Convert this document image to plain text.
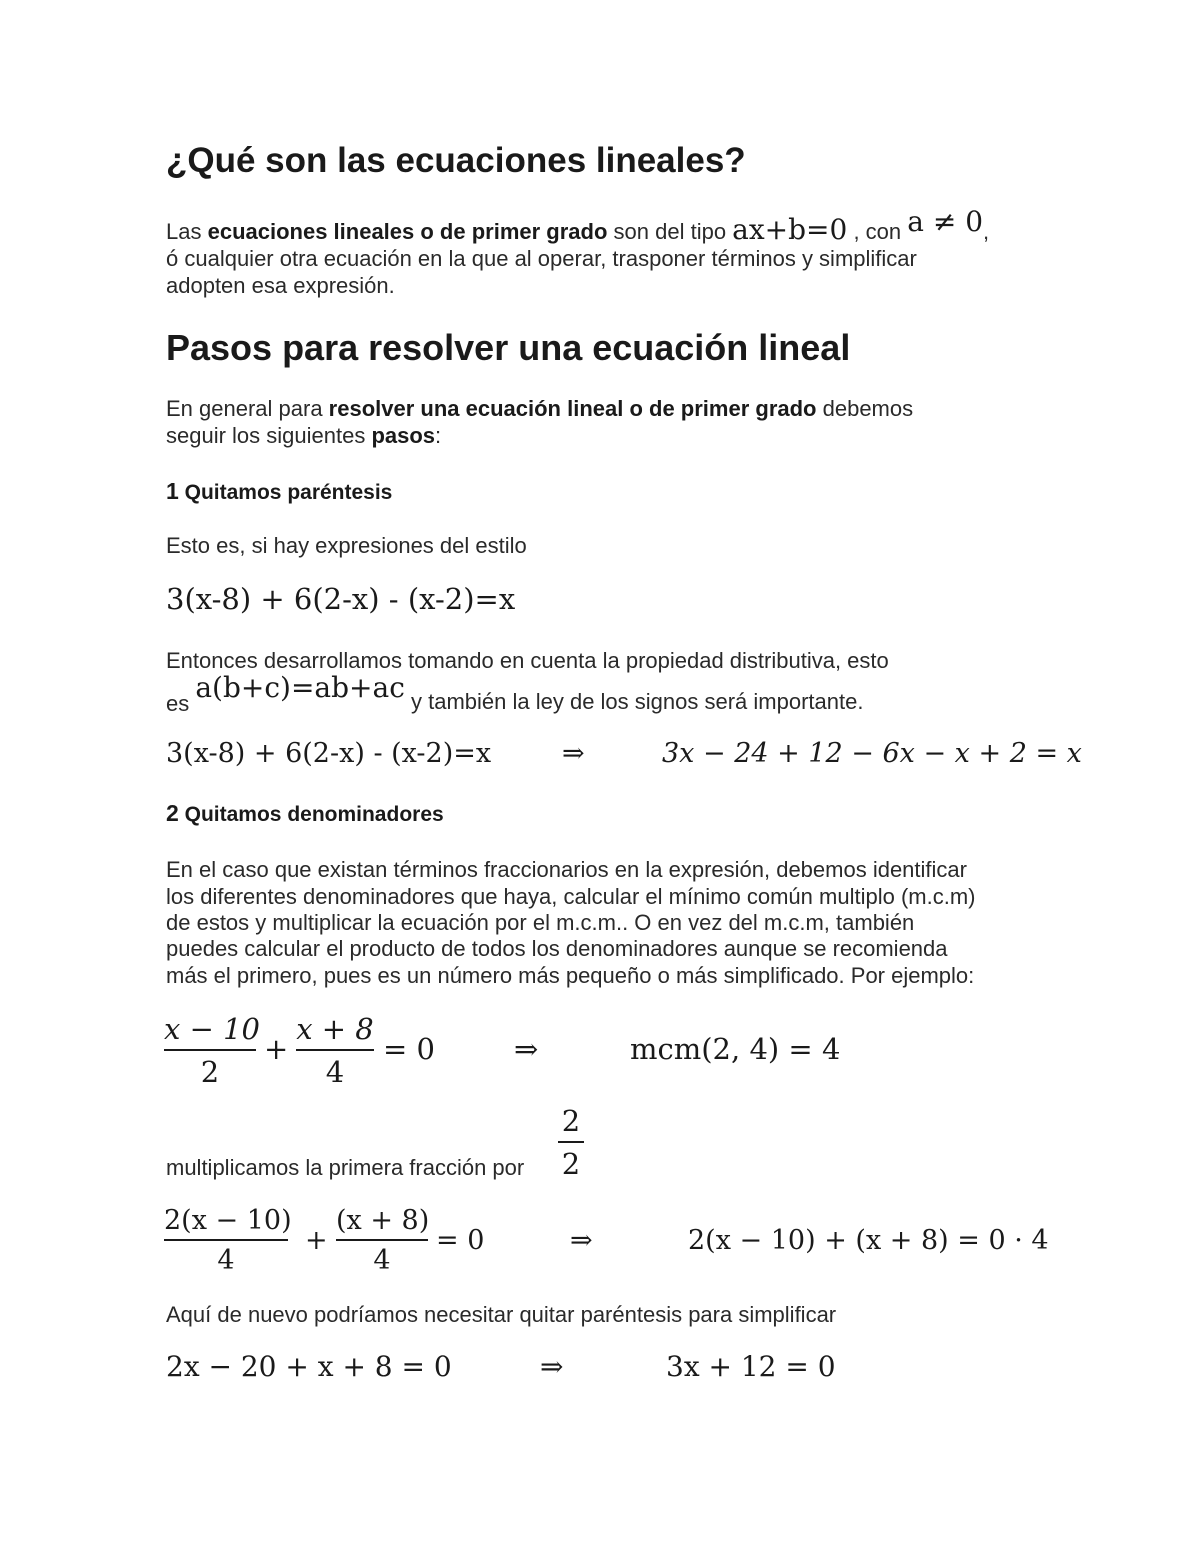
¿Qué son las ecuaciones lineales?
Las ecuaciones lineales o de primer grado son del tipo ax+b=0 , con a ≠ 0,
ó cualquier otra ecuación en la que al operar, trasponer términos y simplificar
adopten esa expresión.
Pasos para resolver una ecuación lineal
En general para resolver una ecuación lineal o de primer grado debemos
seguir los siguientes pasos:
1 Quitamos paréntesis
Esto es, si hay expresiones del estilo
3(x-8) + 6(2-x) - (x-2)=x
Entonces desarrollamos tomando en cuenta la propiedad distributiva, esto
es a(b+c)=ab+ac y también la ley de los signos será importante.
3(x-8) + 6(2-x) - (x-2)=x	⇒	3x − 24 + 12 − 6x − x + 2 = x
2 Quitamos denominadores
En el caso que existan términos fraccionarios en la expresión, debemos identificar
los diferentes denominadores que haya, calcular el mínimo común multiplo (m.c.m)
de estos y multiplicar la ecuación por el m.c.m.. O en vez del m.c.m, también
puedes calcular el producto de todos los denominadores aunque se recomienda
más el primero, pues es un número más pequeño o más simplificado. Por ejemplo:
x − 10
2
+
x + 8
4
= 0	⇒	mcm(2, 4) = 4
multiplicamos la primera fracción por
2
2
2(x − 10)
4
+
(x + 8)
4
= 0	⇒	2(x − 10) + (x + 8) = 0 · 4
Aquí de nuevo podríamos necesitar quitar paréntesis para simplificar
2x − 20 + x + 8 = 0	⇒	3x + 12 = 0
